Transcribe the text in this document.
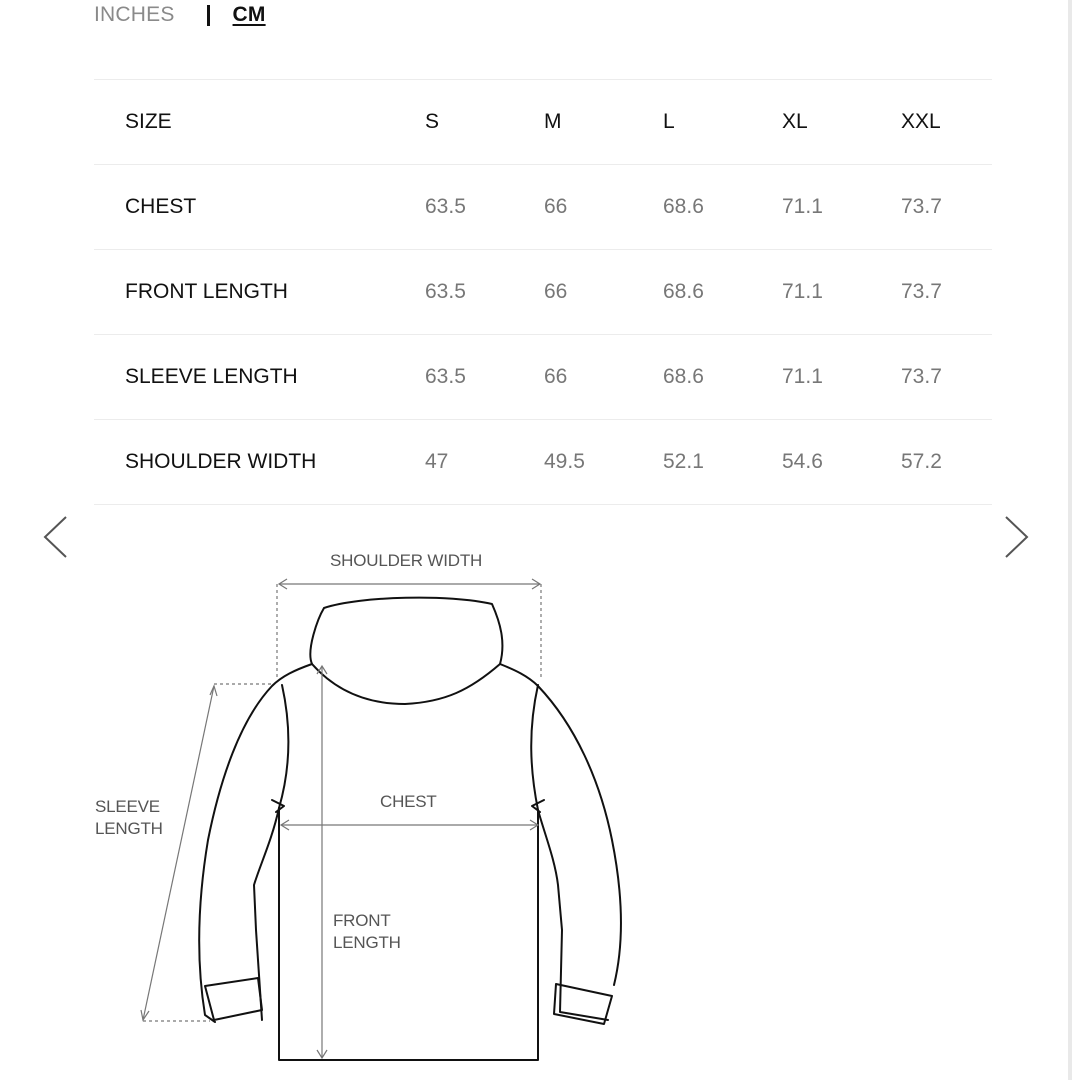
INCHES	CM
SIZE	S	M	L	XL	XXL
CHEST	63.5	66	68.6	71.1	73.7
FRONT LENGTH	63.5	66	68.6	71.1	73.7
SLEEVE LENGTH	63.5	66	68.6	71.1	73.7
SHOULDER WIDTH	47	49.5	52.1	54.6	57.2
SHOULDER WIDTH
CHEST
SLEEVE
LENGTH
FRONT
LENGTH
